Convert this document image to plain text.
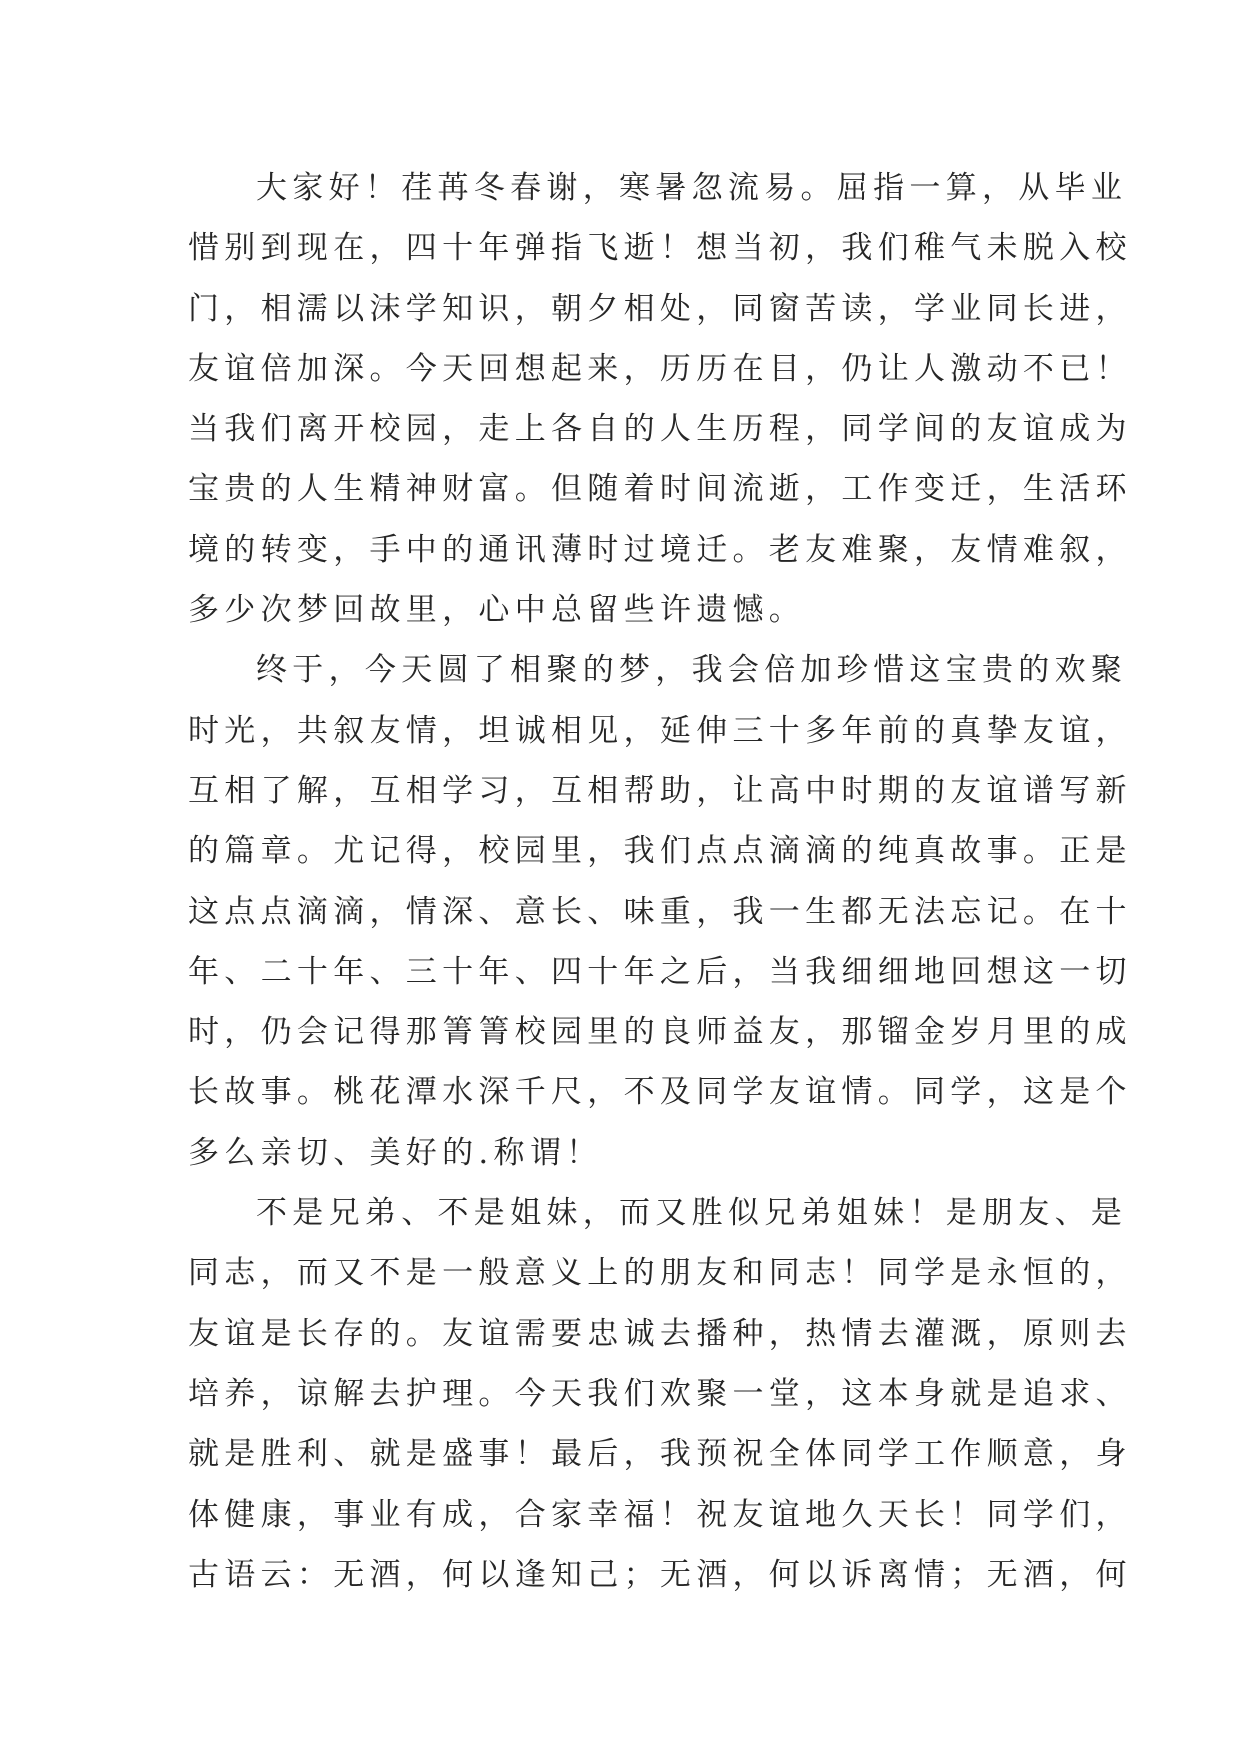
大家好！荏苒冬春谢，寒暑忽流易。屈指一算，从毕业
惜别到现在，四十年弹指飞逝！想当初，我们稚气未脱入校
门，相濡以沫学知识，朝夕相处，同窗苦读，学业同长进，
友谊倍加深。今天回想起来，历历在目，仍让人激动不已！
当我们离开校园，走上各自的人生历程，同学间的友谊成为
宝贵的人生精神财富。但随着时间流逝，工作变迁，生活环
境的转变，手中的通讯薄时过境迁。老友难聚，友情难叙，
多少次梦回故里，心中总留些许遗憾。
终于，今天圆了相聚的梦，我会倍加珍惜这宝贵的欢聚
时光，共叙友情，坦诚相见，延伸三十多年前的真挚友谊，
互相了解，互相学习，互相帮助，让高中时期的友谊谱写新
的篇章。尤记得，校园里，我们点点滴滴的纯真故事。正是
这点点滴滴，情深、意长、味重，我一生都无法忘记。在十
年、二十年、三十年、四十年之后，当我细细地回想这一切
时，仍会记得那箐箐校园里的良师益友，那镏金岁月里的成
长故事。桃花潭水深千尺，不及同学友谊情。同学，这是个
多么亲切、美好的.称谓！
不是兄弟、不是姐妹，而又胜似兄弟姐妹！是朋友、是
同志，而又不是一般意义上的朋友和同志！同学是永恒的，
友谊是长存的。友谊需要忠诚去播种，热情去灌溉，原则去
培养，谅解去护理。今天我们欢聚一堂，这本身就是追求、
就是胜利、就是盛事！最后，我预祝全体同学工作顺意，身
体健康，事业有成，合家幸福！祝友谊地久天长！同学们，
古语云：无酒，何以逢知己；无酒，何以诉离情；无酒，何
